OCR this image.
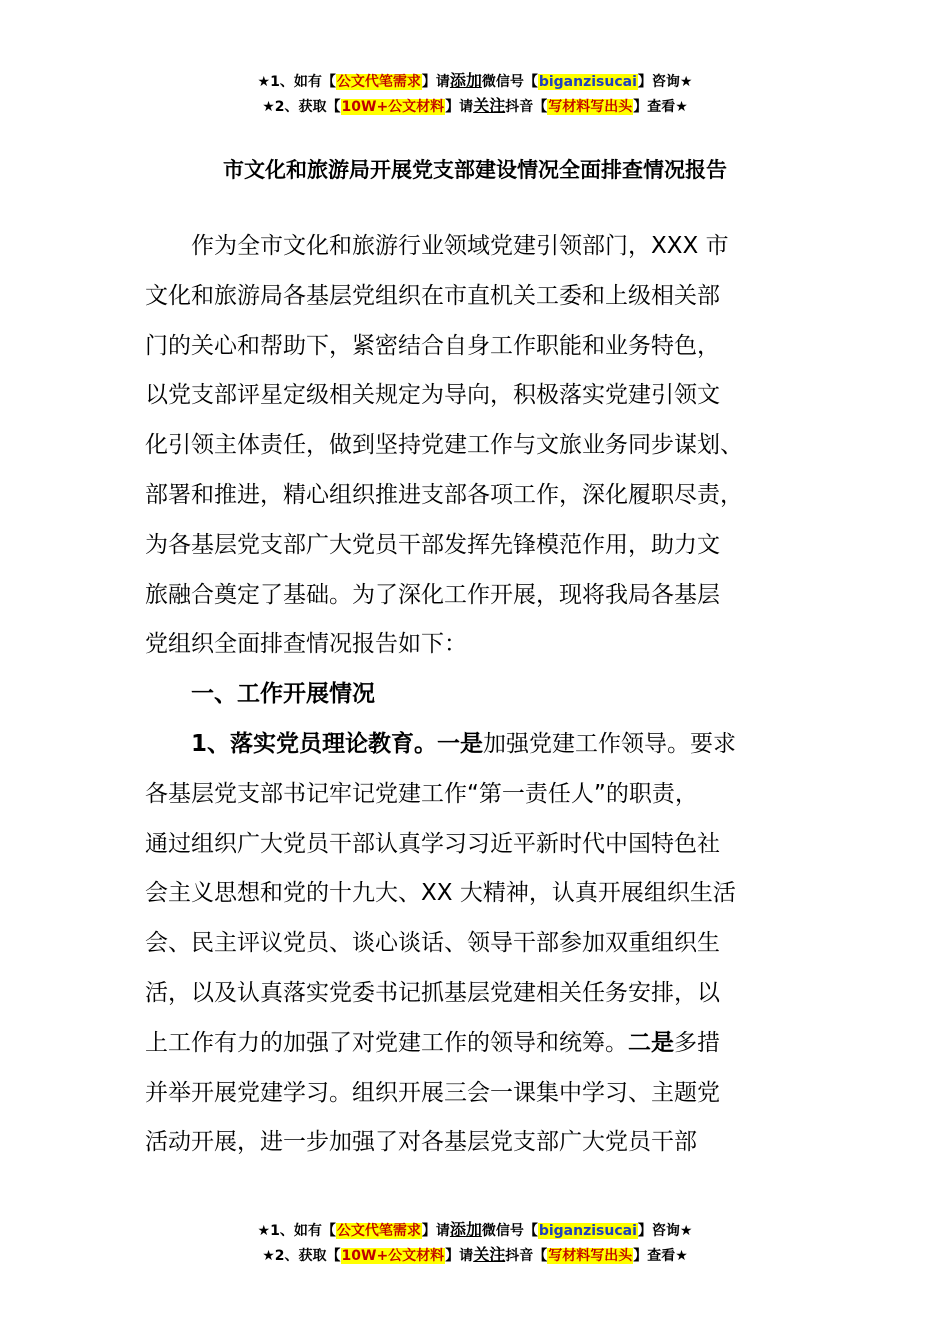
★1、如有【公文代笔需求】请添加微信号【biganzisucai】咨询★
★2、获取【10W+公文材料】请关注抖音【写材料写出头】查看★
市文化和旅游局开展党支部建设情况全面排查情况报告
作为全市文化和旅游行业领域党建引领部门，XXX 市
文化和旅游局各基层党组织在市直机关工委和上级相关部
门的关心和帮助下，紧密结合自身工作职能和业务特色，
以党支部评星定级相关规定为导向，积极落实党建引领文
化引领主体责任，做到坚持党建工作与文旅业务同步谋划、
部署和推进，精心组织推进支部各项工作，深化履职尽责，
为各基层党支部广大党员干部发挥先锋模范作用，助力文
旅融合奠定了基础。为了深化工作开展，现将我局各基层
党组织全面排查情况报告如下：
一、工作开展情况
1、落实党员理论教育。一是加强党建工作领导。要求
各基层党支部书记牢记党建工作“第一责任人”的职责，
通过组织广大党员干部认真学习习近平新时代中国特色社
会主义思想和党的十九大、XX 大精神，认真开展组织生活
会、民主评议党员、谈心谈话、领导干部参加双重组织生
活，以及认真落实党委书记抓基层党建相关任务安排，以
上工作有力的加强了对党建工作的领导和统筹。二是多措
并举开展党建学习。组织开展三会一课集中学习、主题党
活动开展，进一步加强了对各基层党支部广大党员干部
★1、如有【公文代笔需求】请添加微信号【biganzisucai】咨询★
★2、获取【10W+公文材料】请关注抖音【写材料写出头】查看★
